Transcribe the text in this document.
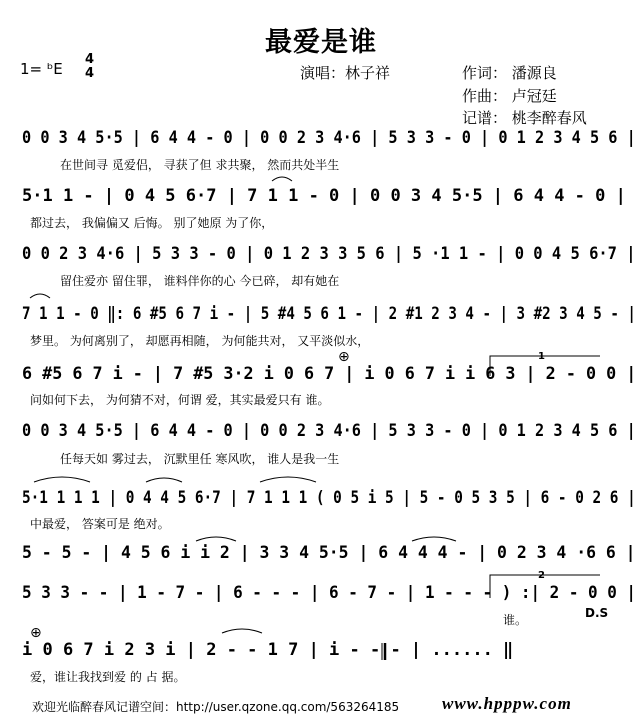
最爱是谁
1= ᵇE
4
4	演唱：林子祥	作词： 潘源良
作曲： 卢冠廷
记谱： 桃李醉春风
0 0 3 4 5·5 | 6 4 4 - 0 | 0 0 2 3 4·6 | 5 3 3 - 0 | 0 1 2 3 4 5 6 |
在世间寻 觅爱侣， 寻获了但 求共聚， 然而共处半生
5·1 1 - | 0 4 5 6·7 | 7 1 1 - 0 | 0 0 3 4 5·5 | 6 4 4 - 0 |
都过去， 我偏偏又 后悔。 别了她原 为了你，
0 0 2 3 4·6 | 5 3 3 - 0 | 0 1 2 3 3 5 6 | 5 ·1 1 - | 0 0 4 5 6·7 |
留住爱亦 留住罪， 谁料伴你的心 今已碎， 却有她在
7 1 1 - 0 ‖: 6 #5 6 7 i - | 5 #4 5 6 1 - | 2 #1 2 3 4 - | 3 #2 3 4 5 - |
梦里。 为何离别了， 却愿再相随， 为何能共对， 又平淡似水，
6 #5 6 7 i - | 7 #5 3·2 i 0 6 7 | i 0 6 7 i i 6 3 | 2 - 0 0 |
问如何下去， 为何猜不对，何谓 爱，其实最爱只有 谁。
0 0 3 4 5·5 | 6 4 4 - 0 | 0 0 2 3 4·6 | 5 3 3 - 0 | 0 1 2 3 4 5 6 |
任每天如 雾过去， 沉默里任 寒风吹， 谁人是我一生
5·1 1 1 1 | 0 4 4 5 6·7 | 7 1 1 1 ( 0 5 i 5 | 5 - 0 5 3 5 | 6 - 0 2 6 |
中最爱， 答案可是 绝对。
5 - 5 - | 4 5 6 i i 2 | 3 3 4 5·5 | 6 4 4 4 - | 0 2 3 4 ·6 6 |
5 3 3 - - | 1 - 7 - | 6 - - - | 6 - 7 - | 1 - - - ) :| 2 - 0 0 |
谁。	D.S
i 0 6 7 i 2 3 i | 2 - - 1 7 | i - - - | ...... ‖
爱，谁让我找到爱 的 占 据。
1
2
⊕
⊕
欢迎光临醉春风记谱空间：http://user.qzone.qq.com/563264185	www.hpppw.com
